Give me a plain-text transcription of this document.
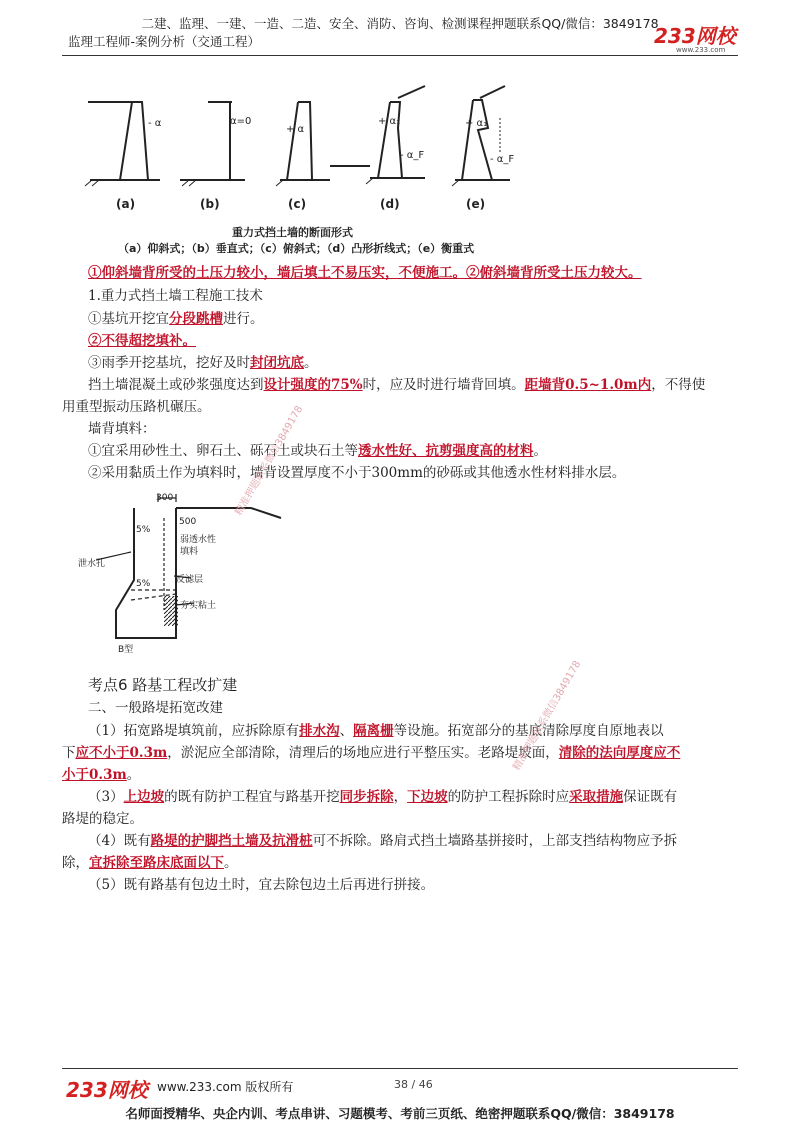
二建、监理、一建、一造、二造、安全、消防、咨询、检测课程押题联系QQ/微信：3849178
监理工程师-案例分析（交通工程）	233网校
www.233.com
- α	α=0
+ α
+ α₁
- α_F
+ α₁
- α_F
(a)	(b)	(c)	(d)	(e)
重力式挡土墙的断面形式
（a）仰斜式；（b）垂直式；（c）俯斜式；（d）凸形折线式；（e）衡重式
①仰斜墙背所受的土压力较小，墙后填土不易压实，不便施工。②俯斜墙背所受土压力较大。
1.重力式挡土墙工程施工技术
①基坑开挖宜分段跳槽进行。
②不得超挖填补。
③雨季开挖基坑，挖好及时封闭坑底。
挡土墙混凝土或砂浆强度达到设计强度的75%时，应及时进行墙背回填。距墙背0.5~1.0m内，不得使
用重型振动压路机碾压。
墙背填料：
①宜采用砂性土、卵石土、砾石土或块石土等透水性好、抗剪强度高的材料。
②采用黏质土作为填料时，墙背设置厚度不小于300mm的砂砾或其他透水性材料排水层。
300
500
5%
弱透水性
填料
泄水孔
反滤层
5%
夯实粘土
B型
考点6 路基工程改扩建
二、一般路堤拓宽改建
（1）拓宽路堤填筑前，应拆除原有排水沟、隔离栅等设施。拓宽部分的基底清除厚度自原地表以
下应不小于0.3m，淤泥应全部清除，清理后的场地应进行平整压实。老路堤坡面，清除的法向厚度应不
小于0.3m。
（3）上边坡的既有防护工程宜与路基开挖同步拆除，下边坡的防护工程拆除时应采取措施保证既有
路堤的稳定。
（4）既有路堤的护脚挡土墙及抗滑桩可不拆除。路肩式挡土墙路基拼接时，上部支挡结构物应予拆
除，宜拆除至路床底面以下。
（5）既有路基有包边土时，宜去除包边土后再进行拼接。
精准押题联系微信3849178
精准押题联系微信3849178
233网校 www.233.com 版权所有	38 / 46
名师面授精华、央企内训、考点串讲、习题模考、考前三页纸、绝密押题联系QQ/微信：3849178
